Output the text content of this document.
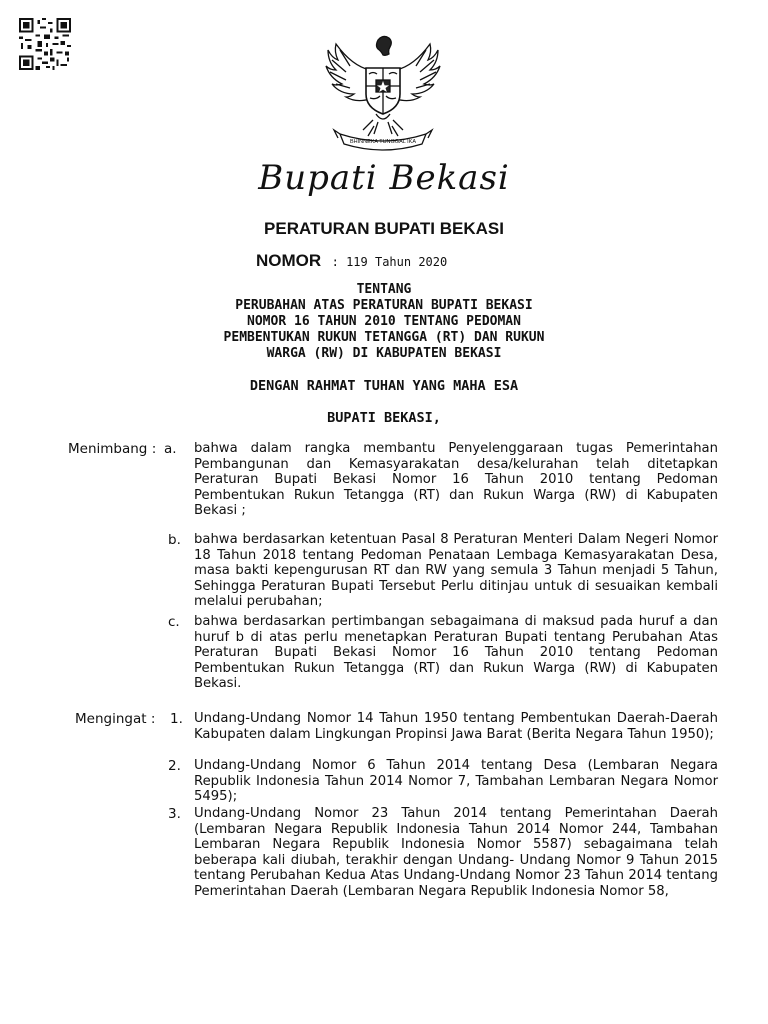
BHINNEKA TUNGGAL IKA
Bupati Bekasi
PERATURAN BUPATI BEKASI
NOMOR : 119 Tahun 2020
TENTANG
PERUBAHAN ATAS PERATURAN BUPATI BEKASI
NOMOR 16 TAHUN 2010 TENTANG PEDOMAN
PEMBENTUKAN RUKUN TETANGGA (RT) DAN RUKUN
WARGA (RW) DI KABUPATEN BEKASI
DENGAN RAHMAT TUHAN YANG MAHA ESA
BUPATI BEKASI,
Menimbang : a. bahwa dalam rangka membantu Penyelenggaraan tugas Pemerintahan Pembangunan dan Kemasyarakatan desa/kelurahan telah ditetapkan Peraturan Bupati Bekasi Nomor 16 Tahun 2010 tentang Pedoman Pembentukan Rukun Tetangga (RT) dan Rukun Warga (RW) di Kabupaten Bekasi ;
b. bahwa berdasarkan ketentuan Pasal 8 Peraturan Menteri Dalam Negeri Nomor 18 Tahun 2018 tentang Pedoman Penataan Lembaga Kemasyarakatan Desa, masa bakti kepengurusan RT dan RW yang semula 3 Tahun menjadi 5 Tahun, Sehingga Peraturan Bupati Tersebut Perlu ditinjau untuk di sesuaikan kembali melalui perubahan;
c. bahwa berdasarkan pertimbangan sebagaimana di maksud pada huruf a dan huruf b di atas perlu menetapkan Peraturan Bupati tentang Perubahan Atas Peraturan Bupati Bekasi Nomor 16 Tahun 2010 tentang Pedoman Pembentukan Rukun Tetangga (RT) dan Rukun Warga (RW) di Kabupaten Bekasi.
Mengingat : 1. Undang-Undang Nomor 14 Tahun 1950 tentang Pembentukan Daerah-Daerah Kabupaten dalam Lingkungan Propinsi Jawa Barat (Berita Negara Tahun 1950);
2. Undang-Undang Nomor 6 Tahun 2014 tentang Desa (Lembaran Negara Republik Indonesia Tahun 2014 Nomor 7, Tambahan Lembaran Negara Nomor 5495);
3. Undang-Undang Nomor 23 Tahun 2014 tentang Pemerintahan Daerah (Lembaran Negara Republik Indonesia Tahun 2014 Nomor 244, Tambahan Lembaran Negara Republik Indonesia Nomor 5587) sebagaimana telah beberapa kali diubah, terakhir dengan Undang- Undang Nomor 9 Tahun 2015 tentang Perubahan Kedua Atas Undang-Undang Nomor 23 Tahun 2014 tentang Pemerintahan Daerah (Lembaran Negara Republik Indonesia Nomor 58,
